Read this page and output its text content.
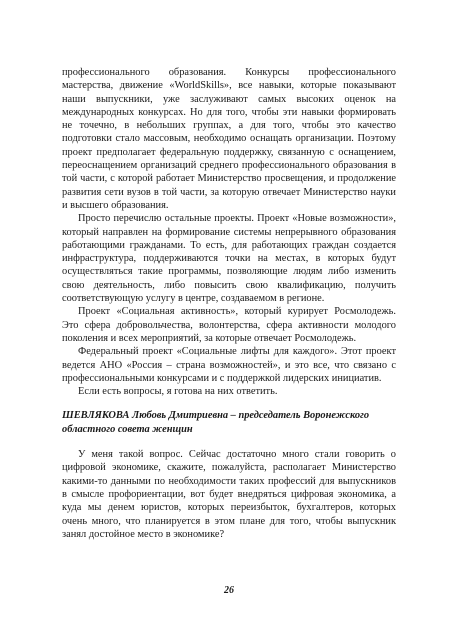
профессионального образования. Конкурсы профессионального мастерства, движение «WorldSkills», все навыки, которые показывают наши выпускники, уже заслуживают самых высоких оценок на международных конкурсах. Но для того, чтобы эти навыки формировать не точечно, в небольших группах, а для того, чтобы это качество подготовки стало массовым, необходимо оснащать организации. Поэтому проект предполагает федеральную поддержку, связанную с оснащением, переоснащением организаций среднего профессионального образования в той части, с которой работает Министерство просвещения, и продолжение развития сети вузов в той части, за которую отвечает Министерство науки и высшего образования.

Просто перечислю остальные проекты. Проект «Новые возможности», который направлен на формирование системы непрерывного образования работающими гражданами. То есть, для работающих граждан создается инфраструктура, поддерживаются точки на местах, в которых будут осуществляться такие программы, позволяющие людям либо изменить свою деятельность, либо повысить свою квалификацию, получить соответствующую услугу в центре, создаваемом в регионе.

Проект «Социальная активность», который курирует Росмолодежь. Это сфера добровольчества, волонтерства, сфера активности молодого поколения и всех мероприятий, за которые отвечает Росмолодежь.

Федеральный проект «Социальные лифты для каждого». Этот проект ведется АНО «Россия – страна возможностей», и это все, что связано с профессиональными конкурсами и с поддержкой лидерских инициатив.

Если есть вопросы, я готова на них ответить.

ШЕВЛЯКОВА Любовь Дмитриевна – председатель Воронежского областного совета женщин

У меня такой вопрос. Сейчас достаточно много стали говорить о цифровой экономике, скажите, пожалуйста, располагает Министерство какими-то данными по необходимости таких профессий для выпускников в смысле профориентации, вот будет внедряться цифровая экономика, а куда мы денем юристов, которых переизбыток, бухгалтеров, которых очень много, что планируется в этом плане для того, чтобы выпускник занял достойное место в экономике?

26
